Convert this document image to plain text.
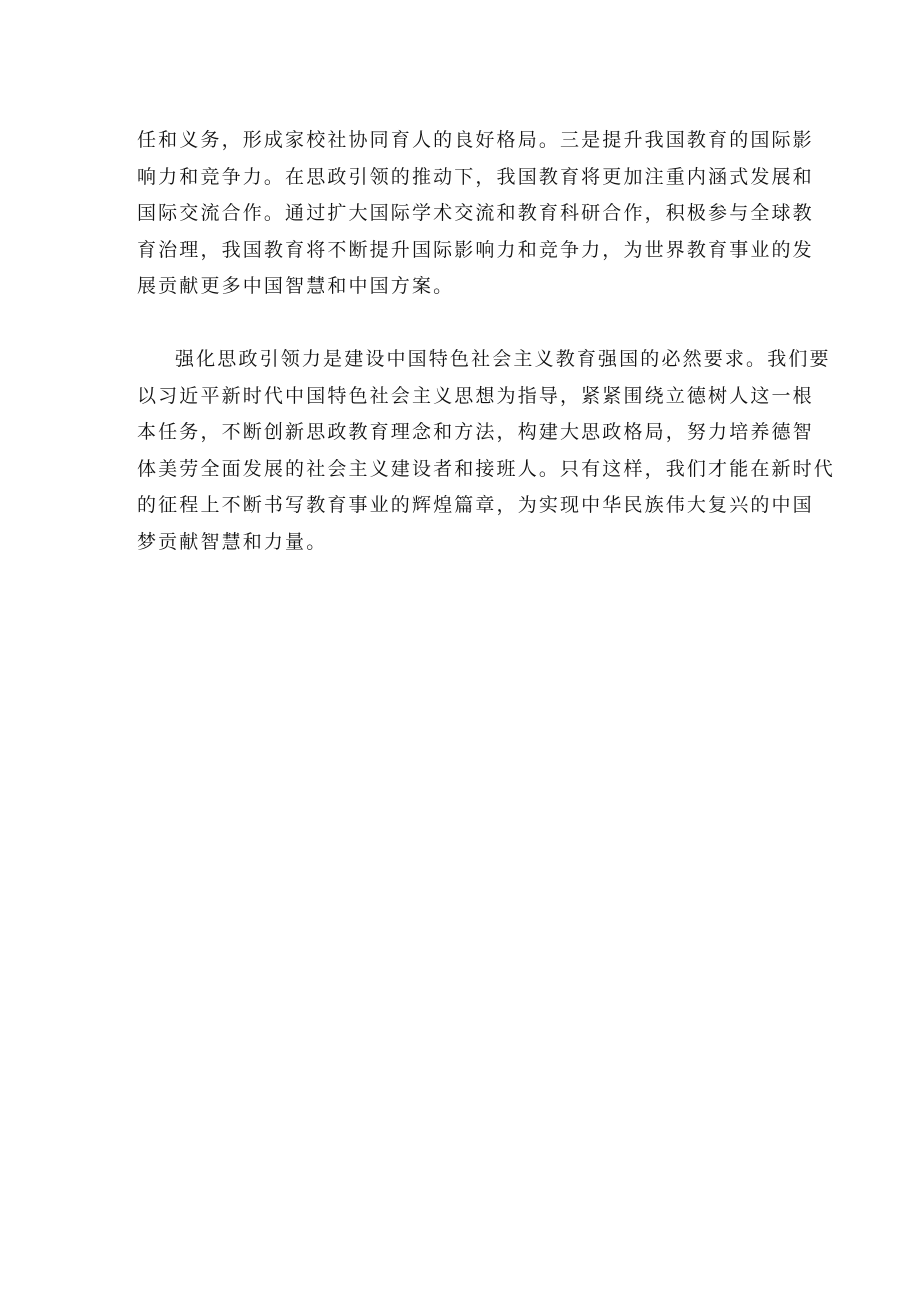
任和义务，形成家校社协同育人的良好格局。三是提升我国教育的国际影
响力和竞争力。在思政引领的推动下，我国教育将更加注重内涵式发展和
国际交流合作。通过扩大国际学术交流和教育科研合作，积极参与全球教
育治理，我国教育将不断提升国际影响力和竞争力，为世界教育事业的发
展贡献更多中国智慧和中国方案。
强化思政引领力是建设中国特色社会主义教育强国的必然要求。我们要
以习近平新时代中国特色社会主义思想为指导，紧紧围绕立德树人这一根
本任务，不断创新思政教育理念和方法，构建大思政格局，努力培养德智
体美劳全面发展的社会主义建设者和接班人。只有这样，我们才能在新时代
的征程上不断书写教育事业的辉煌篇章，为实现中华民族伟大复兴的中国
梦贡献智慧和力量。
